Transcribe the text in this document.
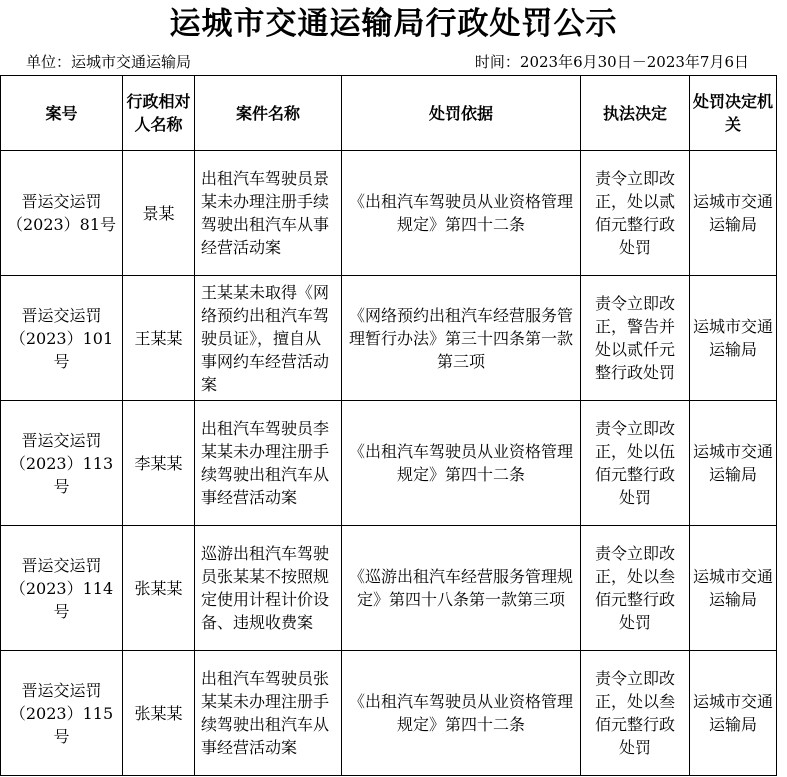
运城市交通运输局行政处罚公示
单位：运城市交通运输局	时间：2023年6月30日－2023年7月6日
案号	行政相对人名称	案件名称	处罚依据	执法决定	处罚决定机关
晋运交运罚（2023）81号	景某	出租汽车驾驶员景某未办理注册手续驾驶出租汽车从事经营活动案	《出租汽车驾驶员从业资格管理规定》第四十二条	责令立即改正，处以贰佰元整行政处罚	运城市交通运输局
晋运交运罚（2023）101号	王某某	王某某未取得《网络预约出租汽车驾驶员证》，擅自从事网约车经营活动案	《网络预约出租汽车经营服务管理暂行办法》第三十四条第一款第三项	责令立即改正，警告并处以贰仟元整行政处罚	运城市交通运输局
晋运交运罚（2023）113号	李某某	出租汽车驾驶员李某某未办理注册手续驾驶出租汽车从事经营活动案	《出租汽车驾驶员从业资格管理规定》第四十二条	责令立即改正，处以伍佰元整行政处罚	运城市交通运输局
晋运交运罚（2023）114号	张某某	巡游出租汽车驾驶员张某某不按照规定使用计程计价设备、违规收费案	《巡游出租汽车经营服务管理规定》第四十八条第一款第三项	责令立即改正，处以叁佰元整行政处罚	运城市交通运输局
晋运交运罚（2023）115号	张某某	出租汽车驾驶员张某某未办理注册手续驾驶出租汽车从事经营活动案	《出租汽车驾驶员从业资格管理规定》第四十二条	责令立即改正，处以叁佰元整行政处罚	运城市交通运输局
